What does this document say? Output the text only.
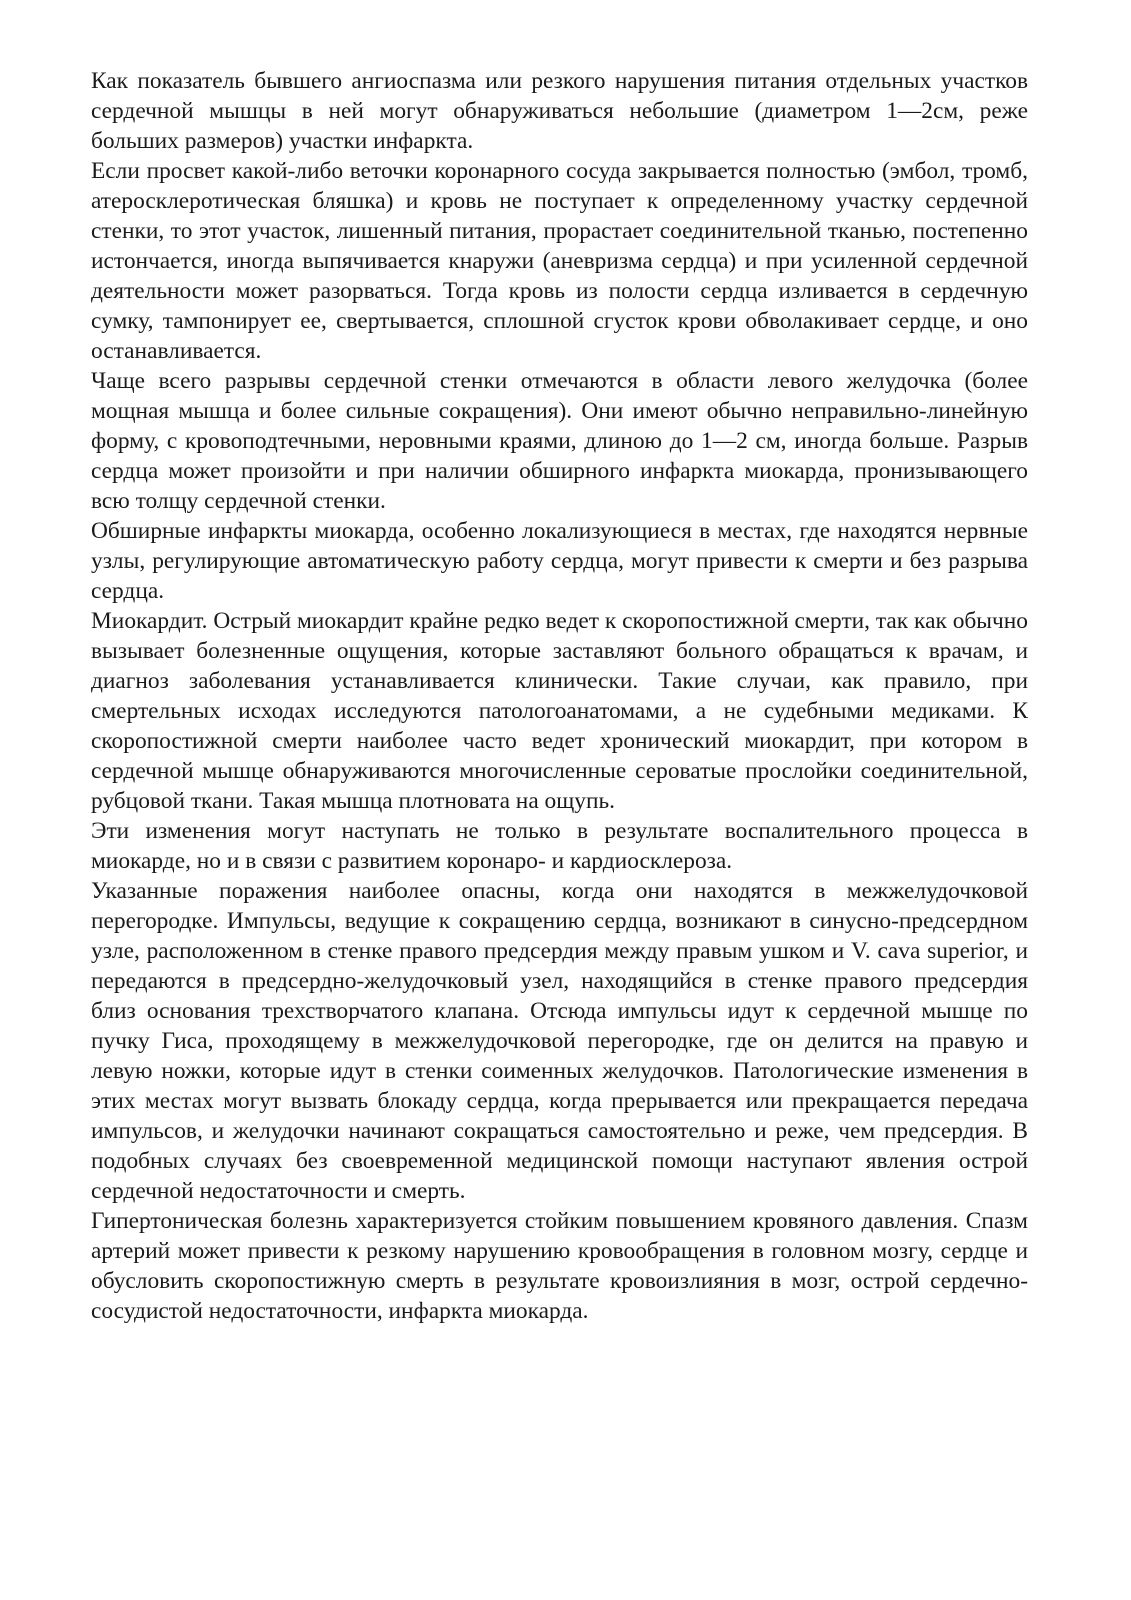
Как показатель бывшего ангиоспазма или резкого нарушения питания отдельных участков сердечной мышцы в ней могут обнаруживаться небольшие (диаметром 1—2см, реже больших размеров) участки инфаркта.

Если просвет какой-либо веточки коронарного сосуда закрывается полностью (эмбол, тромб, атеросклеротическая бляшка) и кровь не поступает к определенному участку сердечной стенки, то этот участок, лишенный питания, прорастает соединительной тканью, постепенно истончается, иногда выпячивается кнаружи (аневризма сердца) и при усиленной сердечной деятельности может разорваться. Тогда кровь из полости сердца изливается в сердечную сумку, тампонирует ее, свертывается, сплошной сгусток крови обволакивает сердце, и оно останавливается.

Чаще всего разрывы сердечной стенки отмечаются в области левого желудочка (более мощная мышца и более сильные сокращения). Они имеют обычно неправильно-линейную форму, с кровоподтечными, неровными краями, длиною до 1—2 см, иногда больше. Разрыв сердца может произойти и при наличии обширного инфаркта миокарда, пронизывающего всю толщу сердечной стенки.

Обширные инфаркты миокарда, особенно локализующиеся в местах, где находятся нервные узлы, регулирующие автоматическую работу сердца, могут привести к смерти и без разрыва сердца.

Миокардит. Острый миокардит крайне редко ведет к скоропостижной смерти, так как обычно вызывает болезненные ощущения, которые заставляют больного обращаться к врачам, и диагноз заболевания устанавливается клинически. Такие случаи, как правило, при смертельных исходах исследуются патологоанатомами, а не судебными медиками. К скоропостижной смерти наиболее часто ведет хронический миокардит, при котором в сердечной мышце обнаруживаются многочисленные сероватые прослойки соединительной, рубцовой ткани. Такая мышца плотновата на ощупь.

Эти изменения могут наступать не только в результате воспалительного процесса в миокарде, но и в связи с развитием коронаро- и кардиосклероза.

Указанные поражения наиболее опасны, когда они находятся в межжелудочковой перегородке. Импульсы, ведущие к сокращению сердца, возникают в синусно-предсердном узле, расположенном в стенке правого предсердия между правым ушком и V. cava superior, и передаются в предсердно-желудочковый узел, находящийся в стенке правого предсердия близ основания трехстворчатого клапана. Отсюда импульсы идут к сердечной мышце по пучку Гиса, проходящему в межжелудочковой перегородке, где он делится на правую и левую ножки, которые идут в стенки соименных желудочков. Патологические изменения в этих местах могут вызвать блокаду сердца, когда прерывается или прекращается передача импульсов, и желудочки начинают сокращаться самостоятельно и реже, чем предсердия. В подобных случаях без своевременной медицинской помощи наступают явления острой сердечной недостаточности и смерть.

Гипертоническая болезнь характеризуется стойким повышением кровяного давления. Спазм артерий может привести к резкому нарушению кровообращения в головном мозгу, сердце и обусловить скоропостижную смерть в результате кровоизлияния в мозг, острой сердечно-сосудистой недостаточности, инфаркта миокарда.
